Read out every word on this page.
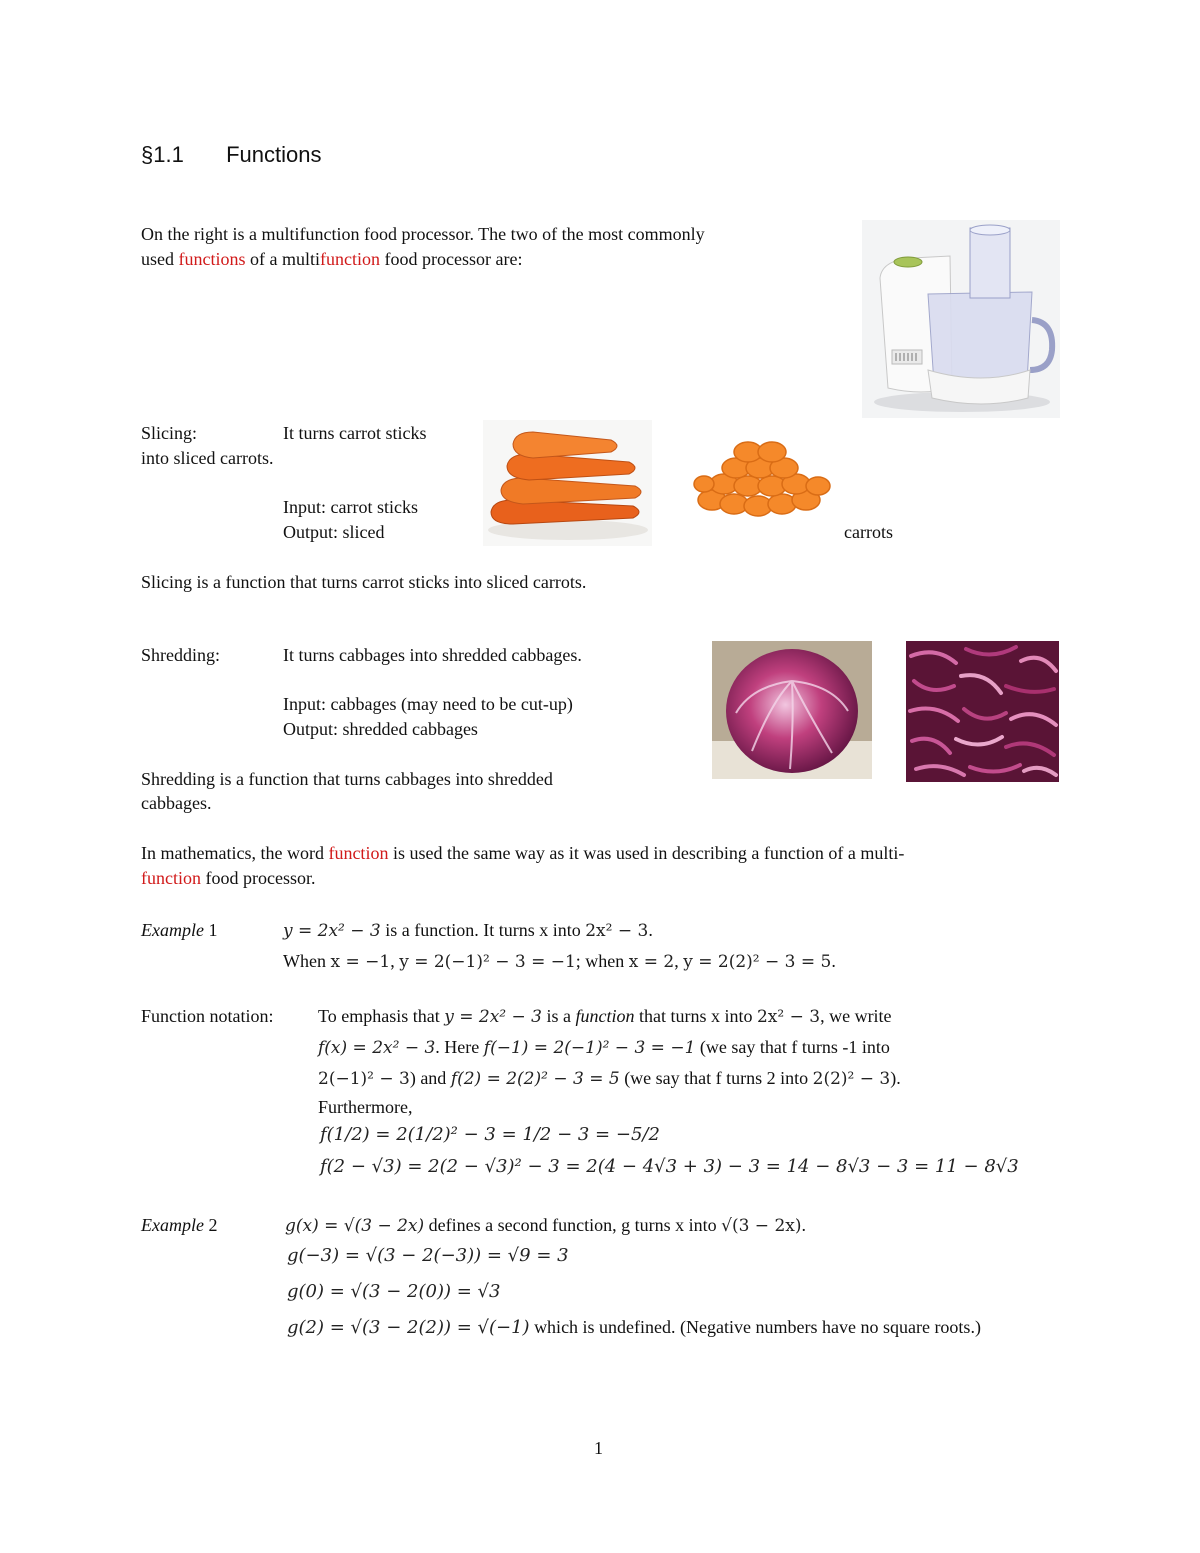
§1.1 Functions
On the right is a multifunction food processor. The two of the most commonly
used functions of a multifunction food processor are:
Slicing:	It turns carrot sticks
into sliced carrots.
Input: carrot sticks
Output: sliced	carrots
Slicing is a function that turns carrot sticks into sliced carrots.
Shredding:	It turns cabbages into shredded cabbages.
Input: cabbages (may need to be cut-up)
Output: shredded cabbages
Shredding is a function that turns cabbages into shredded
cabbages.
In mathematics, the word function is used the same way as it was used in describing a function of a multi-
function food processor.
Example 1	y = 2x² − 3 is a function. It turns x into 2x² − 3.
When x = −1, y = 2(−1)² − 3 = −1; when x = 2, y = 2(2)² − 3 = 5.
Function notation: To emphasis that y = 2x² − 3 is a function that turns x into 2x² − 3, we write
f(x) = 2x² − 3. Here f(−1) = 2(−1)² − 3 = −1 (we say that f turns -1 into
2(−1)² − 3) and f(2) = 2(2)² − 3 = 5 (we say that f turns 2 into 2(2)² − 3).
Furthermore,
f(1/2) = 2(1/2)² − 3 = 1/2 − 3 = −5/2
f(2 − √3) = 2(2 − √3)² − 3 = 2(4 − 4√3 + 3) − 3 = 14 − 8√3 − 3 = 11 − 8√3
Example 2	g(x) = √(3 − 2x) defines a second function, g turns x into √(3 − 2x).
g(−3) = √(3 − 2(−3)) = √9 = 3
g(0) = √(3 − 2(0)) = √3
g(2) = √(3 − 2(2)) = √(−1) which is undefined. (Negative numbers have no square roots.)
1
